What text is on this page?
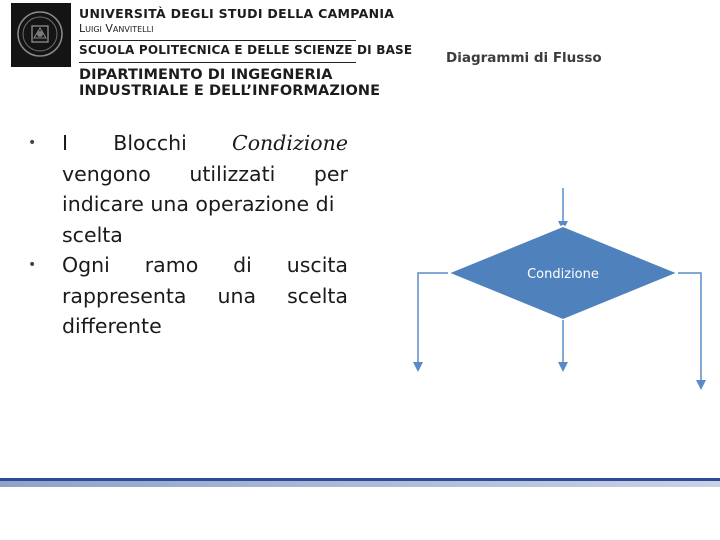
UNIVERSITÀ DEGLI STUDI DELLA CAMPANIA
Luigi Vanvitelli
SCUOLA POLITECNICA E DELLE SCIENZE DI BASE
DIPARTIMENTO DI INGEGNERIA
INDUSTRIALE E DELL’INFORMAZIONE
Diagrammi di Flusso
• I Blocchi Condizione
vengono utilizzati per
indicare una operazione di
scelta
• Ogni ramo di uscita
rappresenta una scelta
differente
Condizione
